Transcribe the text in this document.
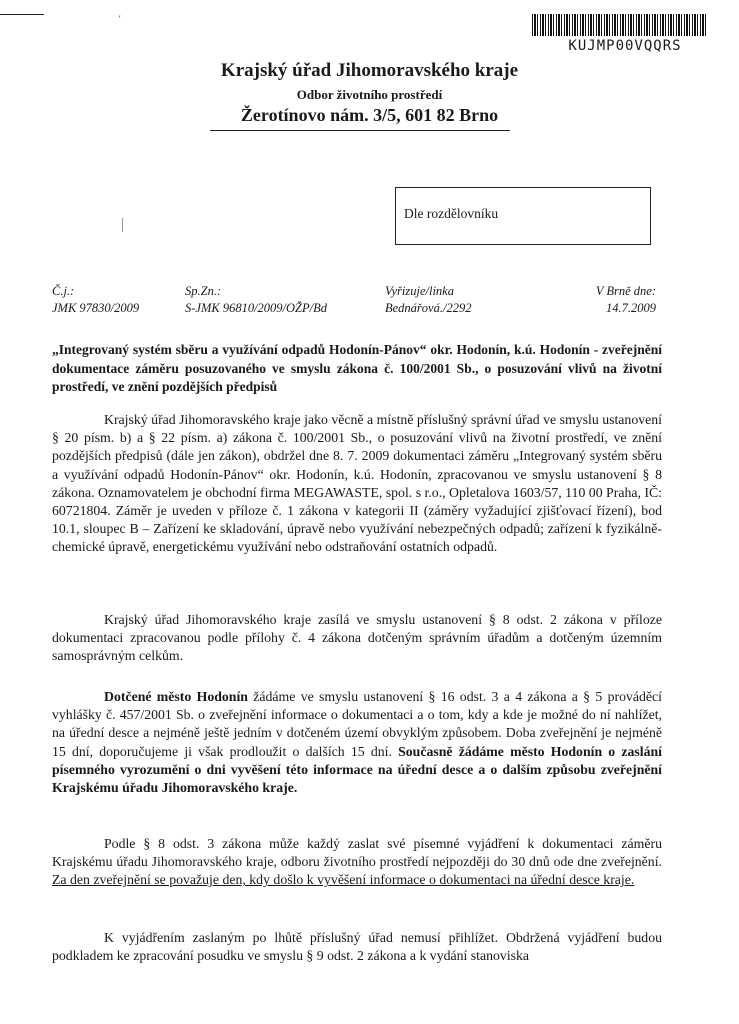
‘
KUJMP00VQQRS
Krajský úřad Jihomoravského kraje
Odbor životního prostředí
Žerotínovo nám. 3/5, 601 82 Brno
Dle rozdělovníku
Č.j.:
JMK 97830/2009
Sp.Zn.:
S-JMK 96810/2009/OŽP/Bd
Vyřizuje/linka
Bednářová./2292
V Brně dne:
14.7.2009
„Integrovaný systém sběru a využívání odpadů Hodonín-Pánov“ okr. Hodonín, k.ú. Hodonín - zveřejnění dokumentace záměru posuzovaného ve smyslu zákona č. 100/2001 Sb., o posuzování vlivů na životní prostředí, ve znění pozdějších předpisů

Krajský úřad Jihomoravského kraje jako věcně a místně příslušný správní úřad ve smyslu ustanovení § 20 písm. b) a § 22 písm. a) zákona č. 100/2001 Sb., o posuzování vlivů na životní prostředí, ve znění pozdějších předpisů (dále jen zákon), obdržel dne 8. 7. 2009 dokumentaci záměru „Integrovaný systém sběru a využívání odpadů Hodonín-Pánov“ okr. Hodonín, k.ú. Hodonín, zpracovanou ve smyslu ustanovení § 8 zákona. Oznamovatelem je obchodní firma MEGAWASTE, spol. s r.o., Opletalova 1603/57, 110 00 Praha, IČ: 60721804. Záměr je uveden v příloze č. 1 zákona v kategorii II (záměry vyžadující zjišťovací řízení), bod 10.1, sloupec B – Zařízení ke skladování, úpravě nebo využívání nebezpečných odpadů; zařízení k fyzikálně-chemické úpravě, energetickému využívání nebo odstraňování ostatních odpadů.

Krajský úřad Jihomoravského kraje zasílá ve smyslu ustanovení § 8 odst. 2 zákona v příloze dokumentaci zpracovanou podle přílohy č. 4 zákona dotčeným správním úřadům a dotčeným územním samosprávným celkům.

Dotčené město Hodonín žádáme ve smyslu ustanovení § 16 odst. 3 a 4 zákona a § 5 prováděcí vyhlášky č. 457/2001 Sb. o zveřejnění informace o dokumentaci a o tom, kdy a kde je možné do ní nahlížet, na úřední desce a nejméně ještě jedním v dotčeném území obvyklým způsobem. Doba zveřejnění je nejméně 15 dní, doporučujeme ji však prodloužit o dalších 15 dní. Současně žádáme město Hodonín o zaslání písemného vyrozumění o dni vyvěšení této informace na úřední desce a o dalším způsobu zveřejnění Krajskému úřadu Jihomoravského kraje.

Podle § 8 odst. 3 zákona může každý zaslat své písemné vyjádření k dokumentaci záměru Krajskému úřadu Jihomoravského kraje, odboru životního prostředí nejpozději do 30 dnů ode dne zveřejnění. Za den zveřejnění se považuje den, kdy došlo k vyvěšení informace o dokumentaci na úřední desce kraje.

K vyjádřením zaslaným po lhůtě příslušný úřad nemusí přihlížet. Obdržená vyjádření budou podkladem ke zpracování posudku ve smyslu § 9 odst. 2 zákona a k vydání stanoviska
